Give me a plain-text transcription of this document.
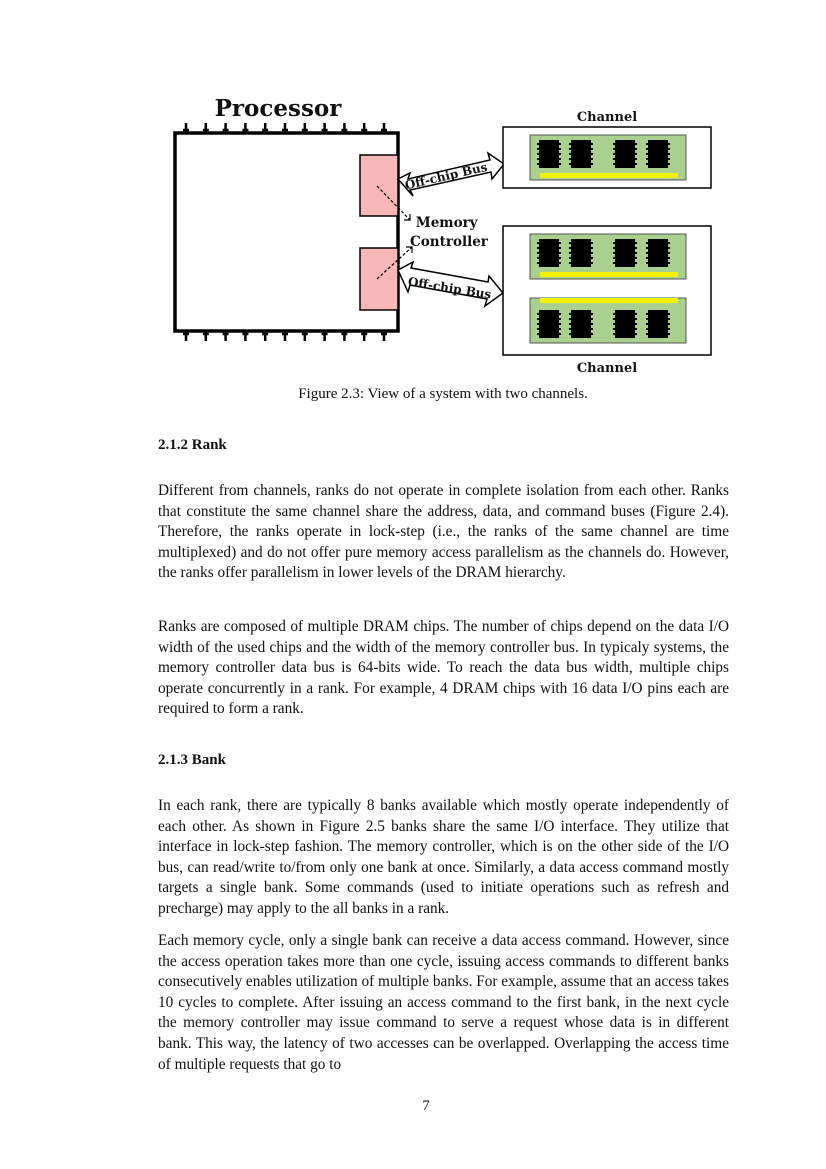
Processor
Memory Controller
Off-chip Bus
Off-chip Bus
Channel
Channel
Figure 2.3: View of a system with two channels.
2.1.2 Rank

Different from channels, ranks do not operate in complete isolation from each other. Ranks that constitute the same channel share the address, data, and command buses (Figure 2.4). Therefore, the ranks operate in lock-step (i.e., the ranks of the same channel are time multiplexed) and do not offer pure memory access parallelism as the channels do. However, the ranks offer parallelism in lower levels of the DRAM hierarchy.

Ranks are composed of multiple DRAM chips. The number of chips depend on the data I/O width of the used chips and the width of the memory controller bus. In typicaly systems, the memory controller data bus is 64-bits wide. To reach the data bus width, multiple chips operate concurrently in a rank. For example, 4 DRAM chips with 16 data I/O pins each are required to form a rank.

2.1.3 Bank

In each rank, there are typically 8 banks available which mostly operate independently of each other. As shown in Figure 2.5 banks share the same I/O interface. They utilize that interface in lock-step fashion. The memory controller, which is on the other side of the I/O bus, can read/write to/from only one bank at once. Similarly, a data access command mostly targets a single bank. Some commands (used to initiate operations such as refresh and precharge) may apply to the all banks in a rank.

Each memory cycle, only a single bank can receive a data access command. However, since the access operation takes more than one cycle, issuing access commands to different banks consecutively enables utilization of multiple banks. For example, assume that an access takes 10 cycles to complete. After issuing an access command to the first bank, in the next cycle the memory controller may issue command to serve a request whose data is in different bank. This way, the latency of two accesses can be overlapped. Overlapping the access time of multiple requests that go to

7
